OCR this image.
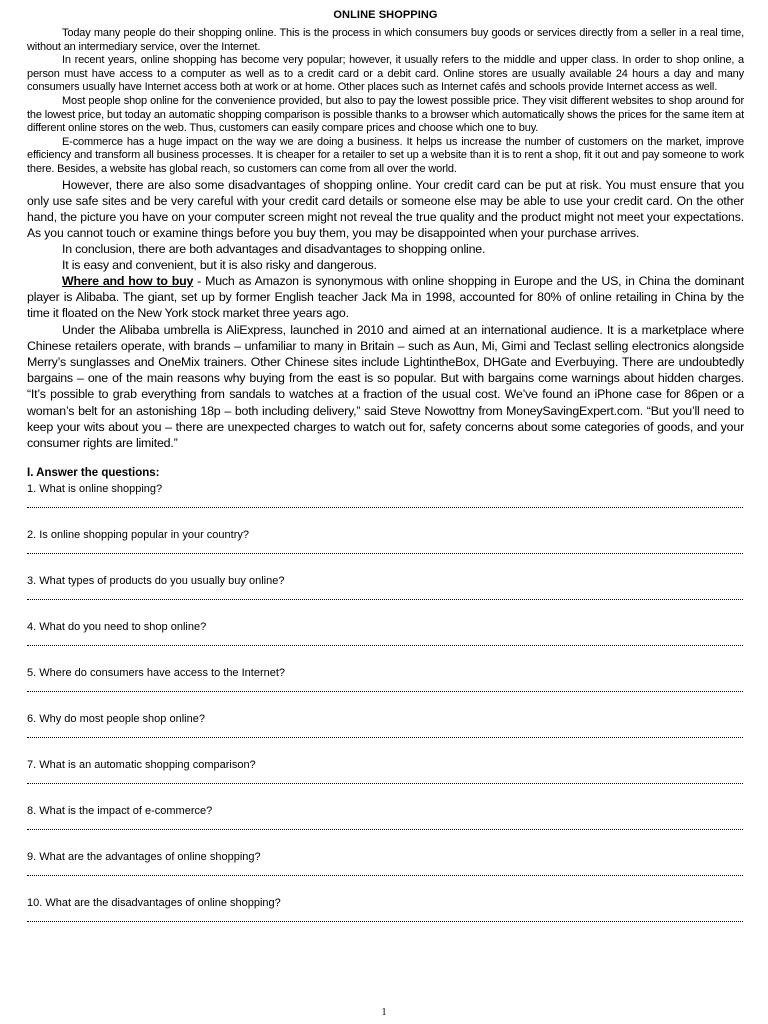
ONLINE SHOPPING

Today many people do their shopping online. This is the process in which consumers buy goods or services directly from a seller in a real time, without an intermediary service, over the Internet.

In recent years, online shopping has become very popular; however, it usually refers to the middle and upper class. In order to shop online, a person must have access to a computer as well as to a credit card or a debit card. Online stores are usually available 24 hours a day and many consumers usually have Internet access both at work or at home. Other places such as Internet cafés and schools provide Internet access as well.

Most people shop online for the convenience provided, but also to pay the lowest possible price. They visit different websites to shop around for the lowest price, but today an automatic shopping comparison is possible thanks to a browser which automatically shows the prices for the same item at different online stores on the web. Thus, customers can easily compare prices and choose which one to buy.

E-commerce has a huge impact on the way we are doing a business. It helps us increase the number of customers on the market, improve efficiency and transform all business processes. It is cheaper for a retailer to set up a website than it is to rent a shop, fit it out and pay someone to work there. Besides, a website has global reach, so customers can come from all over the world.

However, there are also some disadvantages of shopping online. Your credit card can be put at risk. You must ensure that you only use safe sites and be very careful with your credit card details or someone else may be able to use your credit card. On the other hand, the picture you have on your computer screen might not reveal the true quality and the product might not meet your expectations. As you cannot touch or examine things before you buy them, you may be disappointed when your purchase arrives.

In conclusion, there are both advantages and disadvantages to shopping online.

It is easy and convenient, but it is also risky and dangerous.

Where and how to buy - Much as Amazon is synonymous with online shopping in Europe and the US, in China the dominant player is Alibaba. The giant, set up by former English teacher Jack Ma in 1998, accounted for 80% of online retailing in China by the time it floated on the New York stock market three years ago.

Under the Alibaba umbrella is AliExpress, launched in 2010 and aimed at an international audience. It is a marketplace where Chinese retailers operate, with brands – unfamiliar to many in Britain – such as Aun, Mi, Gimi and Teclast selling electronics alongside Merry’s sunglasses and OneMix trainers. Other Chinese sites include LightintheBox, DHGate and Everbuying. There are undoubtedly bargains – one of the main reasons why buying from the east is so popular. But with bargains come warnings about hidden charges. “It’s possible to grab everything from sandals to watches at a fraction of the usual cost. We’ve found an iPhone case for 86pen or a woman’s belt for an astonishing 18p – both including delivery,” said Steve Nowottny from MoneySavingExpert.com. “But you’ll need to keep your wits about you – there are unexpected charges to watch out for, safety concerns about some categories of goods, and your consumer rights are limited.”

I. Answer the questions:
1. What is online shopping?
2. Is online shopping popular in your country?
3. What types of products do you usually buy online?
4. What do you need to shop online?
5. Where do consumers have access to the Internet?
6. Why do most people shop online?
7. What is an automatic shopping comparison?
8. What is the impact of e-commerce?
9. What are the advantages of online shopping?
10. What are the disadvantages of online shopping?
1
